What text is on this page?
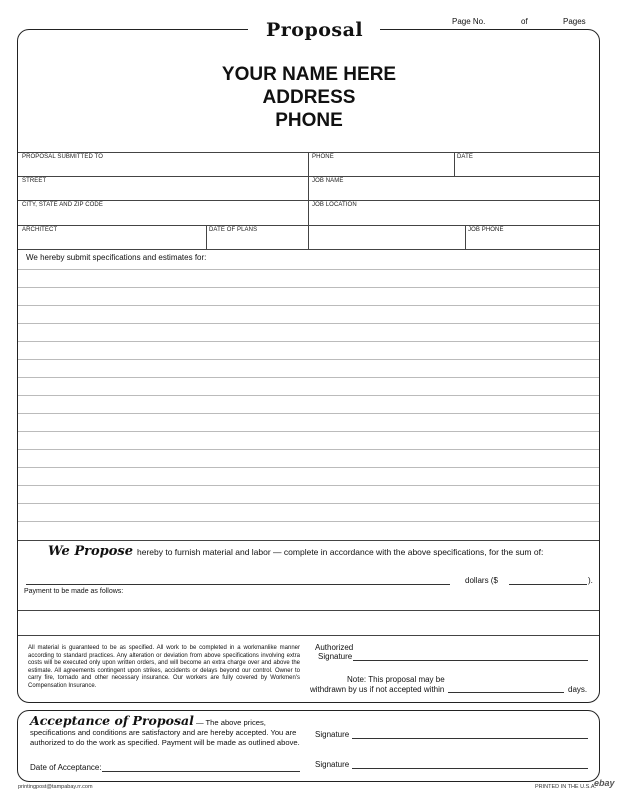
Proposal	Page No.	of	Pages
YOUR NAME HERE
ADDRESS
PHONE
PROPOSAL SUBMITTED TO	PHONE	DATE
STREET	JOB NAME
CITY, STATE AND ZIP CODE	JOB LOCATION
ARCHITECT	DATE OF PLANS	JOB PHONE
We hereby submit specifications and estimates for:
We Propose hereby to furnish material and labor — complete in accordance with the above specifications, for the sum of:
dollars ($	).
Payment to be made as follows:
All material is guaranteed to be as specified. All work to be completed in a workmanlike manner according to standard practices. Any alteration or deviation from above specifications involving extra costs will be executed only upon written orders, and will become an extra charge over and above the estimate. All agreements contingent upon strikes, accidents or delays beyond our control. Owner to carry fire, tornado and other necessary insurance. Our workers are fully covered by Workmen's Compensation Insurance.
Authorized
Signature
Note: This proposal may be
withdrawn by us if not accepted within	days.
Acceptance of Proposal — The above prices, specifications and conditions are satisfactory and are hereby accepted. You are authorized to do the work as specified. Payment will be made as outlined above.
Date of Acceptance:
Signature
Signature
printingpost@tampabay.rr.com	PRINTED IN THE U.S.A.
ebay
